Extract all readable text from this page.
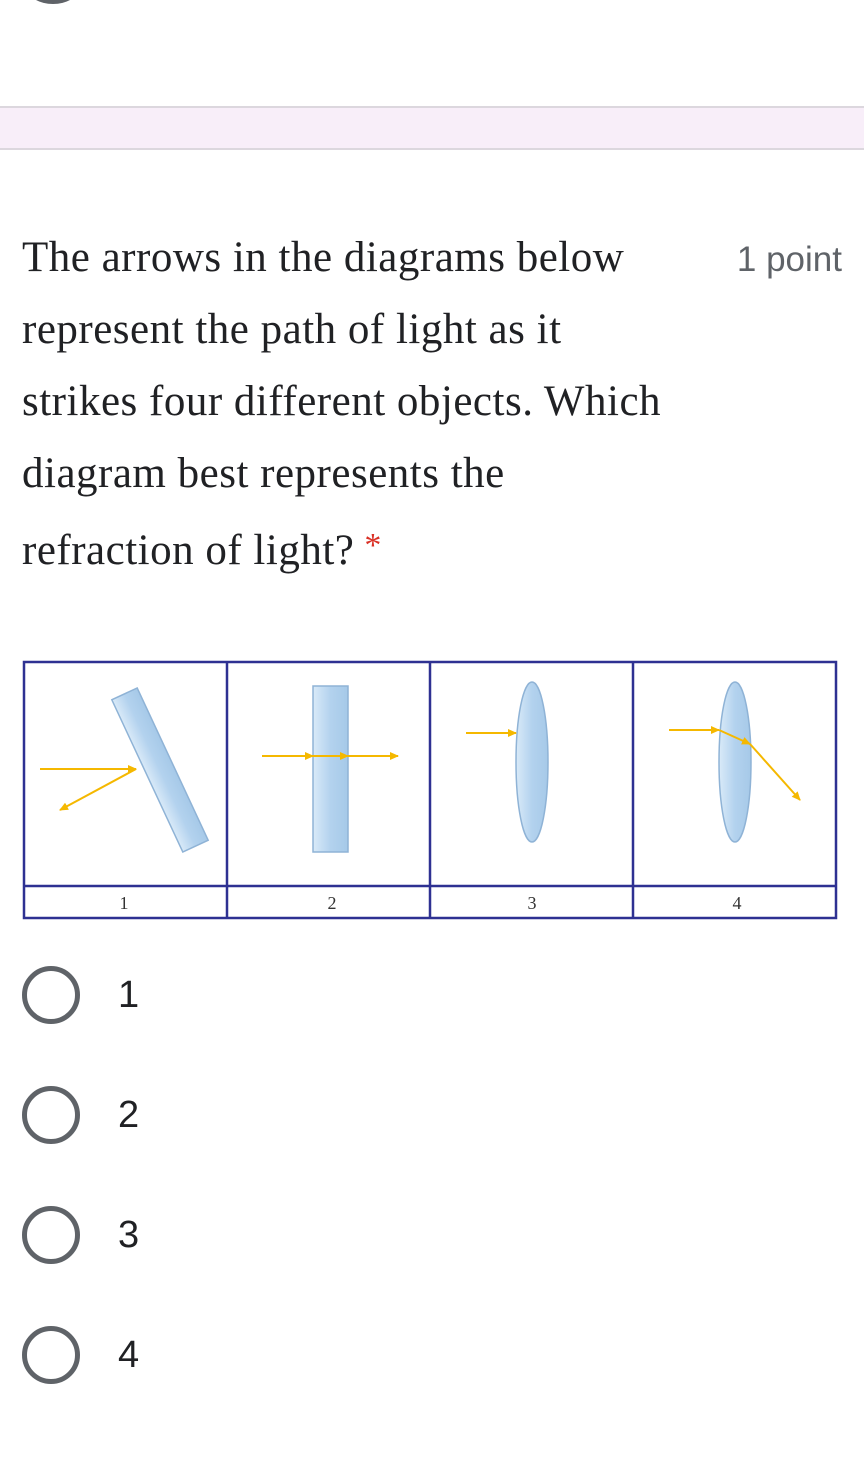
The arrows in the diagrams below
represent the path of light as it
strikes four different objects. Which
diagram best represents the
refraction of light? *
1 point
1	2	3	4
1
2
3
4
